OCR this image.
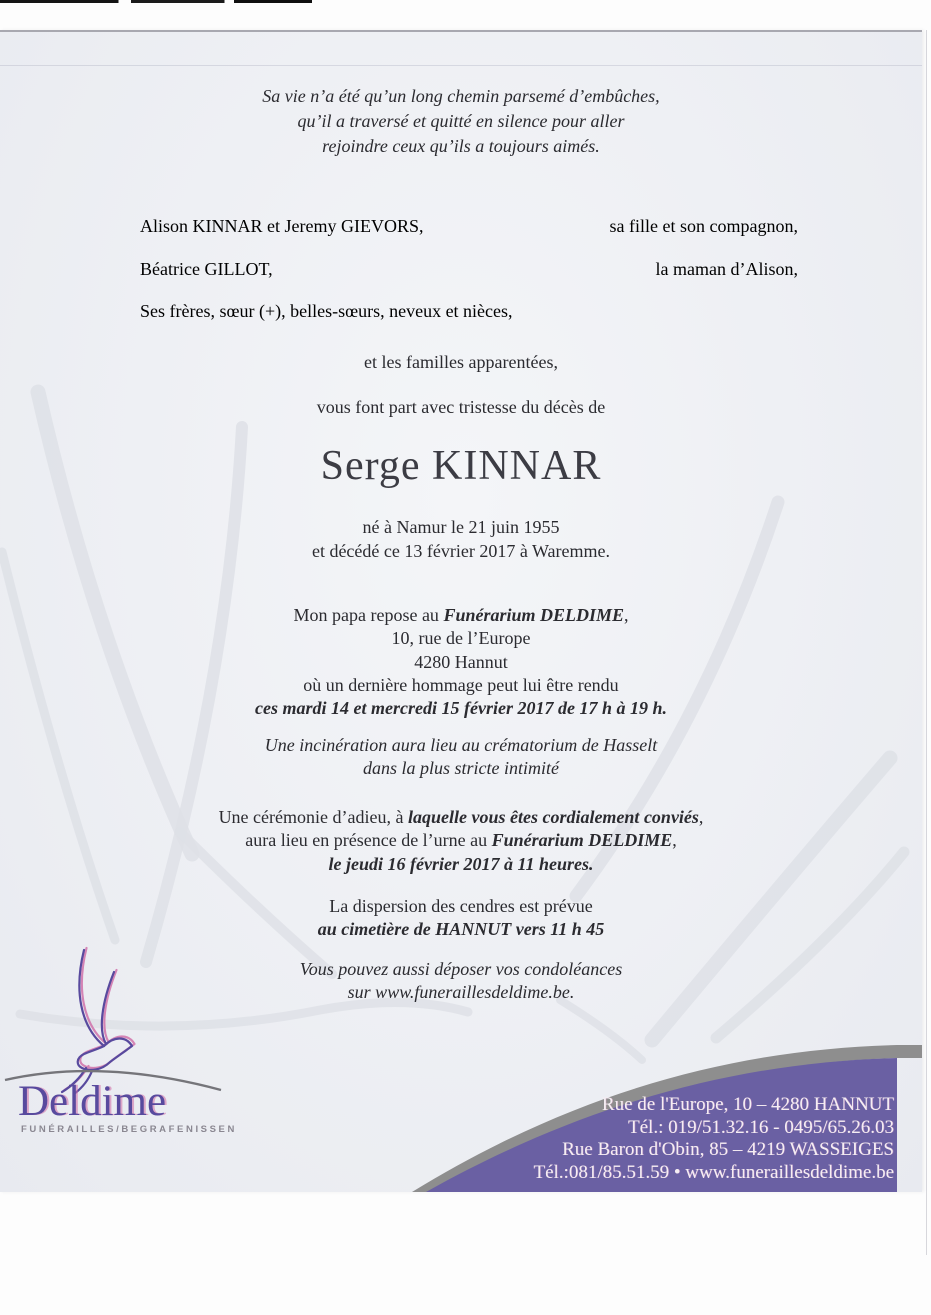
Sa vie n’a été qu’un long chemin parsemé d’embûches,
qu’il a traversé et quitté en silence pour aller
rejoindre ceux qu’ils a toujours aimés.
Alison KINNAR et Jeremy GIEVORS,	sa fille et son compagnon,
Béatrice GILLOT,	la maman d’Alison,
Ses frères, sœur (+), belles-sœurs, neveux et nièces,
et les familles apparentées,
vous font part avec tristesse du décès de
Serge KINNAR
né à Namur le 21 juin 1955
et décédé ce 13 février 2017 à Waremme.
Mon papa repose au Funérarium DELDIME,
10, rue de l’Europe
4280 Hannut
où un dernière hommage peut lui être rendu
ces mardi 14 et mercredi 15 février 2017 de 17 h à 19 h.
Une incinération aura lieu au crématorium de Hasselt
dans la plus stricte intimité
Une cérémonie d’adieu, à laquelle vous êtes cordialement conviés,
aura lieu en présence de l’urne au Funérarium DELDIME,
le jeudi 16 février 2017 à 11 heures.
La dispersion des cendres est prévue
au cimetière de HANNUT vers 11 h 45
Vous pouvez aussi déposer vos condoléances
sur www.funeraillesdeldime.be.
Deldime
FUNÉRAILLES/BEGRAFENISSEN
Rue de l'Europe, 10 – 4280 HANNUT
Tél.: 019/51.32.16 - 0495/65.26.03
Rue Baron d'Obin, 85 – 4219 WASSEIGES
Tél.:081/85.51.59 • www.funeraillesdeldime.be
